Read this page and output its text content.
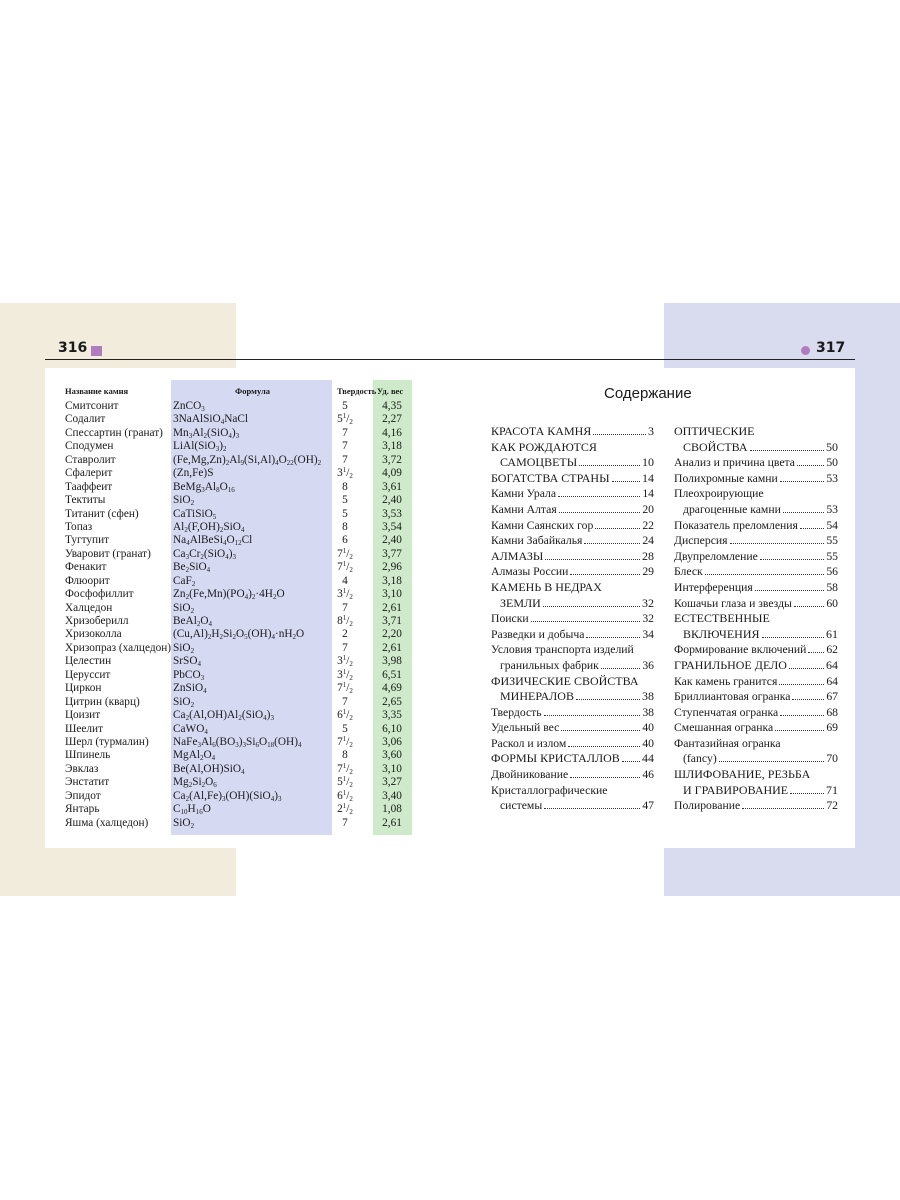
316	317
Название камня	Формула	Твердость Уд. вес
Смитсонит	ZnCO$_3$	5	4,35
Содалит	3NaAlSiO$_4$NaCl	$5^1/_2$	2,27
Спессартин (гранат) $Mn_3Al_2(SiO_4)_3$	7	4,16
Сподумен	$LiAl(SiO_3)_2$	7	3,18
Ставролит	$(Fe,Mg,Zn)_2Al_9(Si,Al)_4O_{22}(OH)_2$	7	3,72
Сфалерит	(Zn,Fe)S	$3^1/_2$	4,09
Тааффеит	$BeMg_3Al_8O_{16}$	8	3,61
Тектиты	SiO$_2$	5	2,40
Титанит (сфен)	CaTiSiO$_5$	5	3,53
Топаз	$Al_2(F,OH)_2SiO_4$	8	3,54
Тугтупит	$Na_4AlBeSi_4O_{12}Cl$	6	2,40
Уваровит (гранат) $Ca_3Cr_2(SiO_4)_3$	$7^1/_2$	3,77
Фенакит	$Be_2SiO_4$	$7^1/_2$	2,96
Флюорит	CaF$_2$	4	3,18
Фосфофиллит	$Zn_2(Fe,Mn)(PO_4)_2\cdot 4H_2O$	$3^1/_2$	3,10
Халцедон	SiO$_2$	7	2,61
Хризоберилл	$BeAl_2O_4$	$8^1/_2$	3,71
Хризоколла	$(Cu,Al)_2H_2Si_2O_5(OH)_4\cdot nH_2O$	2	2,20
Хризопраз (халцедон) SiO$_2$	7	2,61
Целестин	SrSO$_4$	$3^1/_2$	3,98
Церуссит	PbCO$_3$	$3^1/_2$	6,51
Циркон	ZnSiO$_4$	$7^1/_2$	4,69
Цитрин (кварц)	SiO$_2$	7	2,65
Цоизит	$Ca_2(Al,OH)Al_2(SiO_4)_3$	$6^1/_2$	3,35
Шеелит	CaWO$_4$	5	6,10
Шерл (турмалин) $NaFe_3Al_6(BO_3)_3Si_6O_{18}(OH)_4$	$7^1/_2$	3,06
Шпинель	$MgAl_2O_4$	8	3,60
Эвклаз	Be(Al,OH)SiO$_4$	$7^1/_2$	3,10
Энстатит	$Mg_2Si_2O_6$	$5^1/_2$	3,27
Эпидот	$Ca_2(Al,Fe)_3(OH)(SiO_4)_3$	$6^1/_2$	3,40
Янтарь	$C_{10}H_{16}O$	$2^1/_2$	1,08
Яшма (халцедон) SiO$_2$	7	2,61
Содержание
КРАСОТА КАМНЯ	3
КАК РОЖДАЮТСЯ
САМОЦВЕТЫ	10
БОГАТСТВА СТРАНЫ	14
Камни Урала	14
Камни Алтая	20
Камни Саянских гор	22
Камни Забайкалья	24
АЛМАЗЫ	28
Алмазы России	29
КАМЕНЬ В НЕДРАХ
ЗЕМЛИ	32
Поиски	32
Разведки и добыча	34
Условия транспорта изделий
гранильных фабрик	36
ФИЗИЧЕСКИЕ СВОЙСТВА
МИНЕРАЛОВ	38
Твердость	38
Удельный вес	40
Раскол и излом	40
ФОРМЫ КРИСТАЛЛОВ 44
Двойникование	46
Кристаллографические
системы	47
ОПТИЧЕСКИЕ
СВОЙСТВА	50
Анализ и причина цвета	50
Полихромные камни	53
Плеохроирующие
драгоценные камни	53
Показатель преломления 54
Дисперсия	55
Двупреломление	55
Блеск	56
Интерференция	58
Кошачьи глаза и звезды	60
ЕСТЕСТВЕННЫЕ
ВКЛЮЧЕНИЯ	61
Формирование включений 62
ГРАНИЛЬНОЕ ДЕЛО	64
Как камень гранится	64
Бриллиантовая огранка	67
Ступенчатая огранка	68
Смешанная огранка	69
Фантазийная огранка
(fancy)	70
ШЛИФОВАНИЕ, РЕЗЬБА
И ГРАВИРОВАНИЕ	71
Полирование	72
